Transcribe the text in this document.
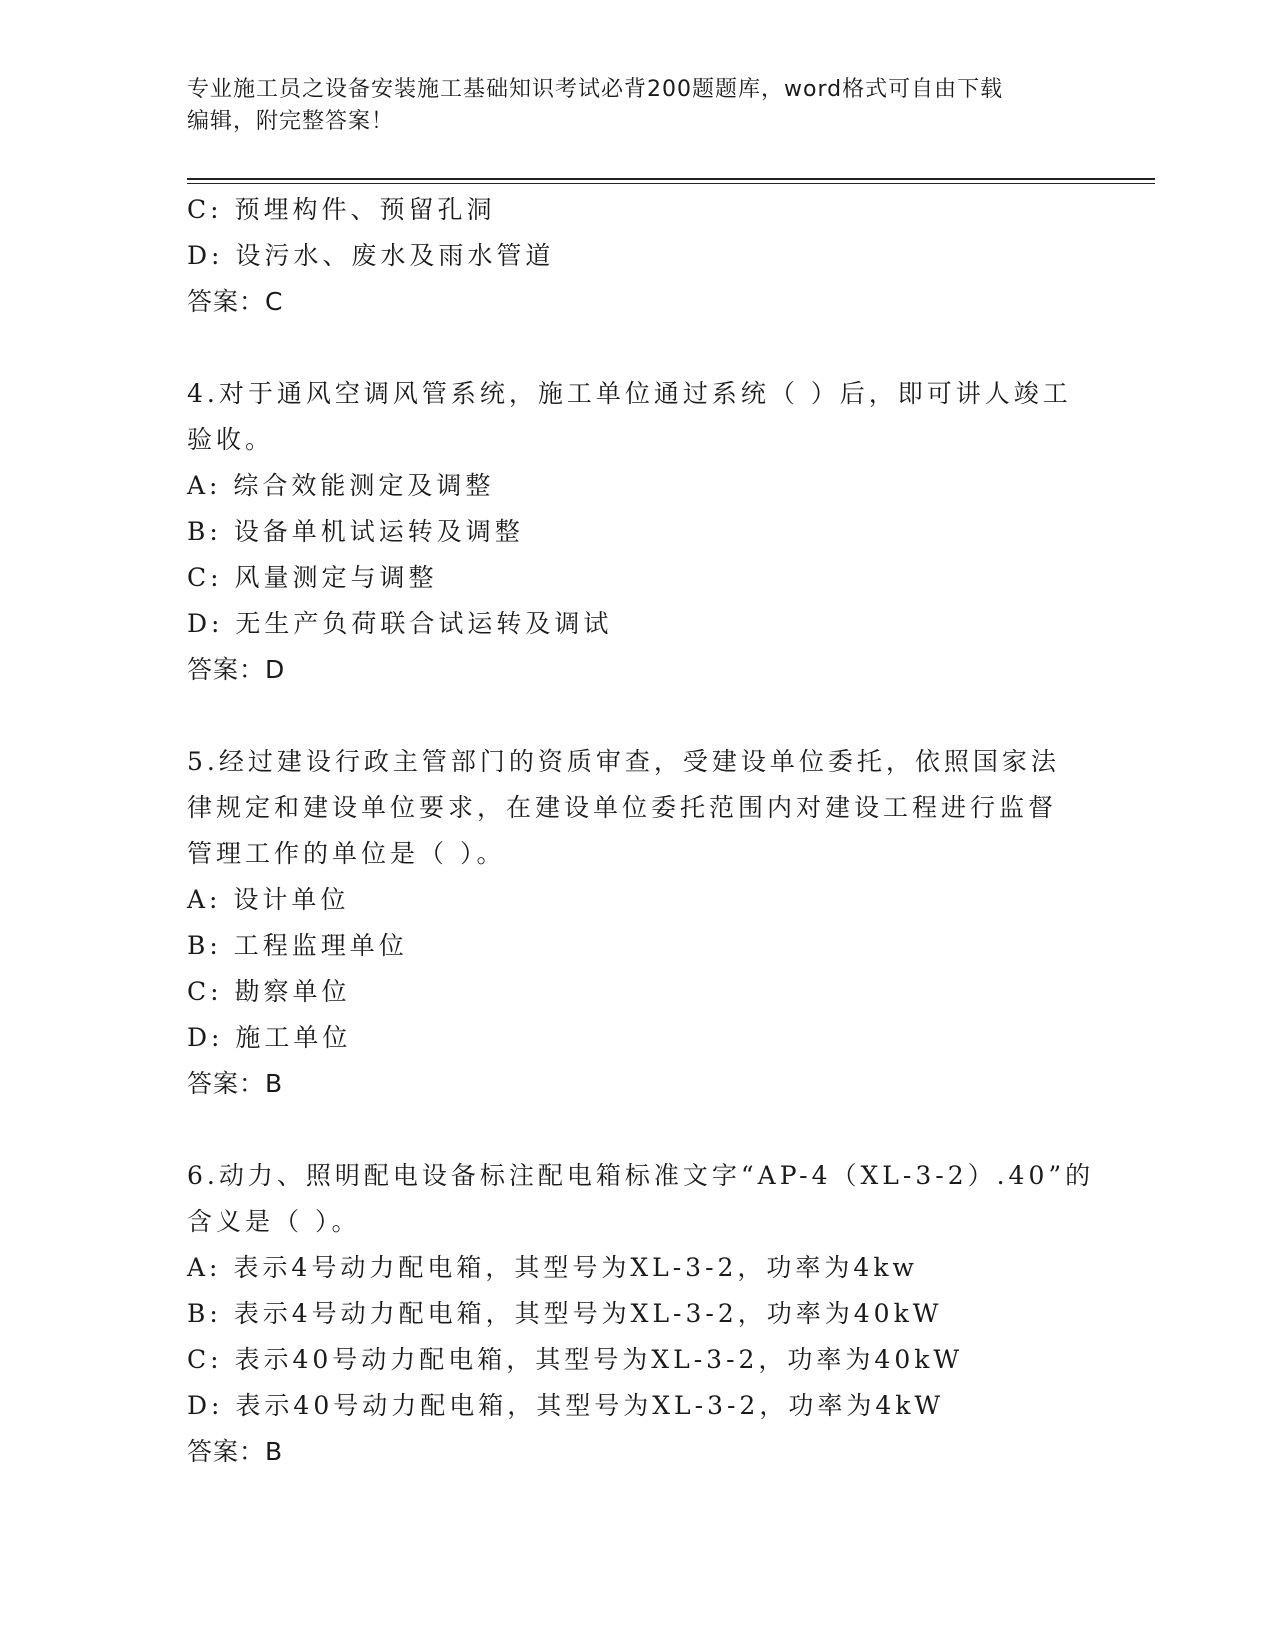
专业施工员之设备安装施工基础知识考试必背200题题库，word格式可自由下载
编辑，附完整答案！
C: 预埋构件、预留孔洞
D: 设污水、废水及雨水管道
答案：C
4.对于通风空调风管系统，施工单位通过系统（ ）后，即可讲人竣工
验收。
A: 综合效能测定及调整
B: 设备单机试运转及调整
C: 风量测定与调整
D: 无生产负荷联合试运转及调试
答案：D
5.经过建设行政主管部门的资质审查，受建设单位委托，依照国家法
律规定和建设单位要求，在建设单位委托范围内对建设工程进行监督
管理工作的单位是（ ）。
A: 设计单位
B: 工程监理单位
C: 勘察单位
D: 施工单位
答案：B
6.动力、照明配电设备标注配电箱标准文字“AP-4（XL-3-2）.40”的
含义是（ ）。
A: 表示4号动力配电箱，其型号为XL-3-2，功率为4kw
B: 表示4号动力配电箱，其型号为XL-3-2，功率为40kW
C: 表示40号动力配电箱，其型号为XL-3-2，功率为40kW
D: 表示40号动力配电箱，其型号为XL-3-2，功率为4kW
答案：B
